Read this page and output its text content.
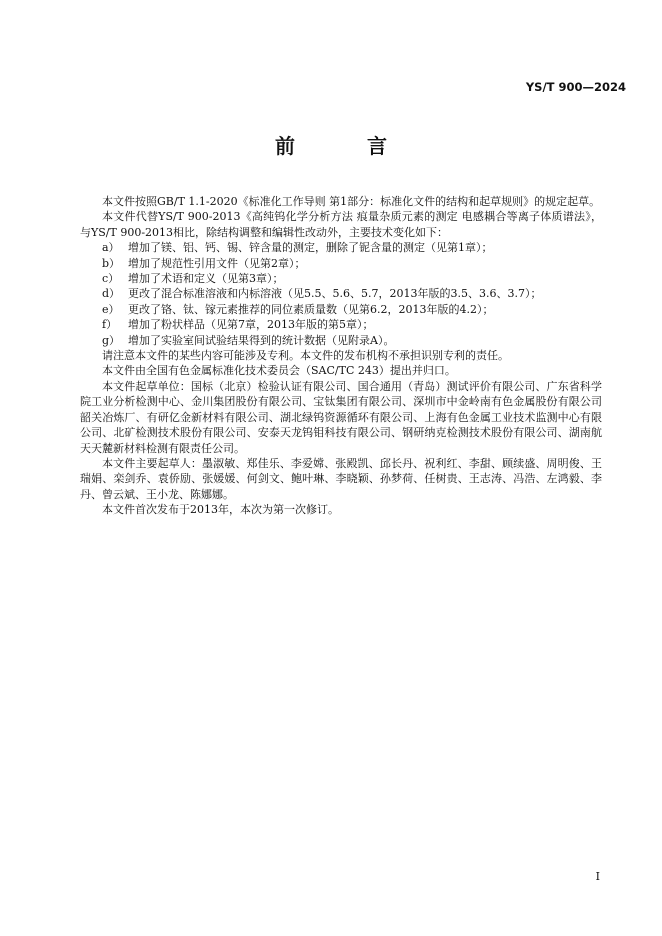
YS/T 900—2024
前　言

本文件按照GB/T 1.1-2020《标准化工作导则 第1部分：标准化文件的结构和起草规则》的规定起草。

本文件代替YS/T 900-2013《高纯钨化学分析方法 痕量杂质元素的测定 电感耦合等离子体质谱法》，与YS/T 900-2013相比，除结构调整和编辑性改动外，主要技术变化如下：

a） 增加了镁、铝、钙、锡、锌含量的测定，删除了铌含量的测定（见第1章）；

b） 增加了规范性引用文件（见第2章）；

c） 增加了术语和定义（见第3章）；

d） 更改了混合标准溶液和内标溶液（见5.5、5.6、5.7，2013年版的3.5、3.6、3.7）；

e） 更改了铬、钛、镓元素推荐的同位素质量数（见第6.2，2013年版的4.2）；

f） 增加了粉状样品（见第7章，2013年版的第5章）；

g） 增加了实验室间试验结果得到的统计数据（见附录A）。

请注意本文件的某些内容可能涉及专利。本文件的发布机构不承担识别专利的责任。

本文件由全国有色金属标准化技术委员会（SAC/TC 243）提出并归口。

本文件起草单位：国标（北京）检验认证有限公司、国合通用（青岛）测试评价有限公司、广东省科学院工业分析检测中心、金川集团股份有限公司、宝钛集团有限公司、深圳市中金岭南有色金属股份有限公司韶关冶炼厂、有研亿金新材料有限公司、湖北绿钨资源循环有限公司、上海有色金属工业技术监测中心有限公司、北矿检测技术股份有限公司、安泰天龙钨钼科技有限公司、钢研纳克检测技术股份有限公司、湖南航天天麓新材料检测有限责任公司。

本文件主要起草人：墨淑敏、郑佳乐、李爱嫦、张殿凯、邱长丹、祝利红、李甜、顾续盛、周明俊、王瑞娟、栾剑乔、袁侨励、张媛媛、何剑文、鲍叶琳、李晓颖、孙梦荷、任树贵、王志涛、冯浩、左鸿毅、李丹、曾云斌、王小龙、陈娜娜。

本文件首次发布于2013年，本次为第一次修订。

I
